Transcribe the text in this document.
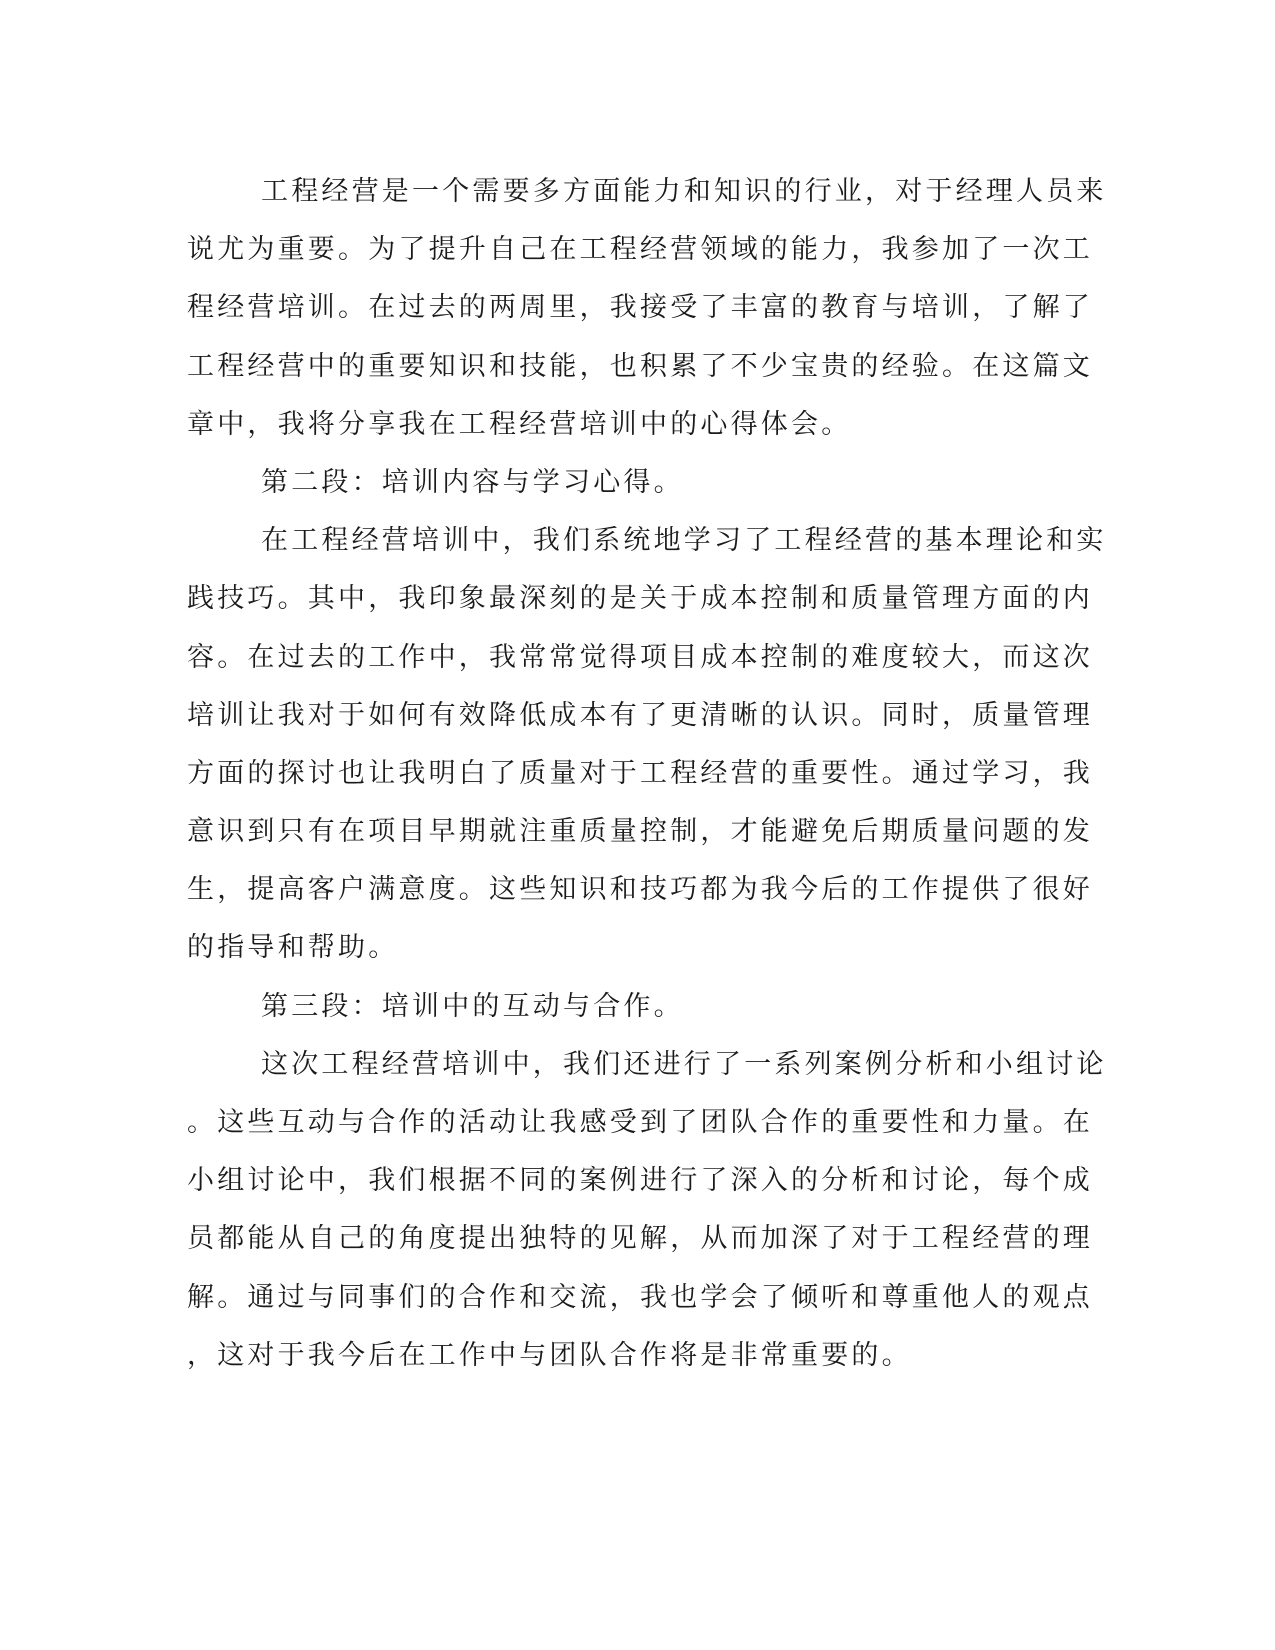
工程经营是一个需要多方面能力和知识的行业，对于经理人员来
说尤为重要。为了提升自己在工程经营领域的能力，我参加了一次工
程经营培训。在过去的两周里，我接受了丰富的教育与培训，了解了
工程经营中的重要知识和技能，也积累了不少宝贵的经验。在这篇文
章中，我将分享我在工程经营培训中的心得体会。
第二段：培训内容与学习心得。
在工程经营培训中，我们系统地学习了工程经营的基本理论和实
践技巧。其中，我印象最深刻的是关于成本控制和质量管理方面的内
容。在过去的工作中，我常常觉得项目成本控制的难度较大，而这次
培训让我对于如何有效降低成本有了更清晰的认识。同时，质量管理
方面的探讨也让我明白了质量对于工程经营的重要性。通过学习，我
意识到只有在项目早期就注重质量控制，才能避免后期质量问题的发
生，提高客户满意度。这些知识和技巧都为我今后的工作提供了很好
的指导和帮助。
第三段：培训中的互动与合作。
这次工程经营培训中，我们还进行了一系列案例分析和小组讨论
。这些互动与合作的活动让我感受到了团队合作的重要性和力量。在
小组讨论中，我们根据不同的案例进行了深入的分析和讨论，每个成
员都能从自己的角度提出独特的见解，从而加深了对于工程经营的理
解。通过与同事们的合作和交流，我也学会了倾听和尊重他人的观点
，这对于我今后在工作中与团队合作将是非常重要的。
